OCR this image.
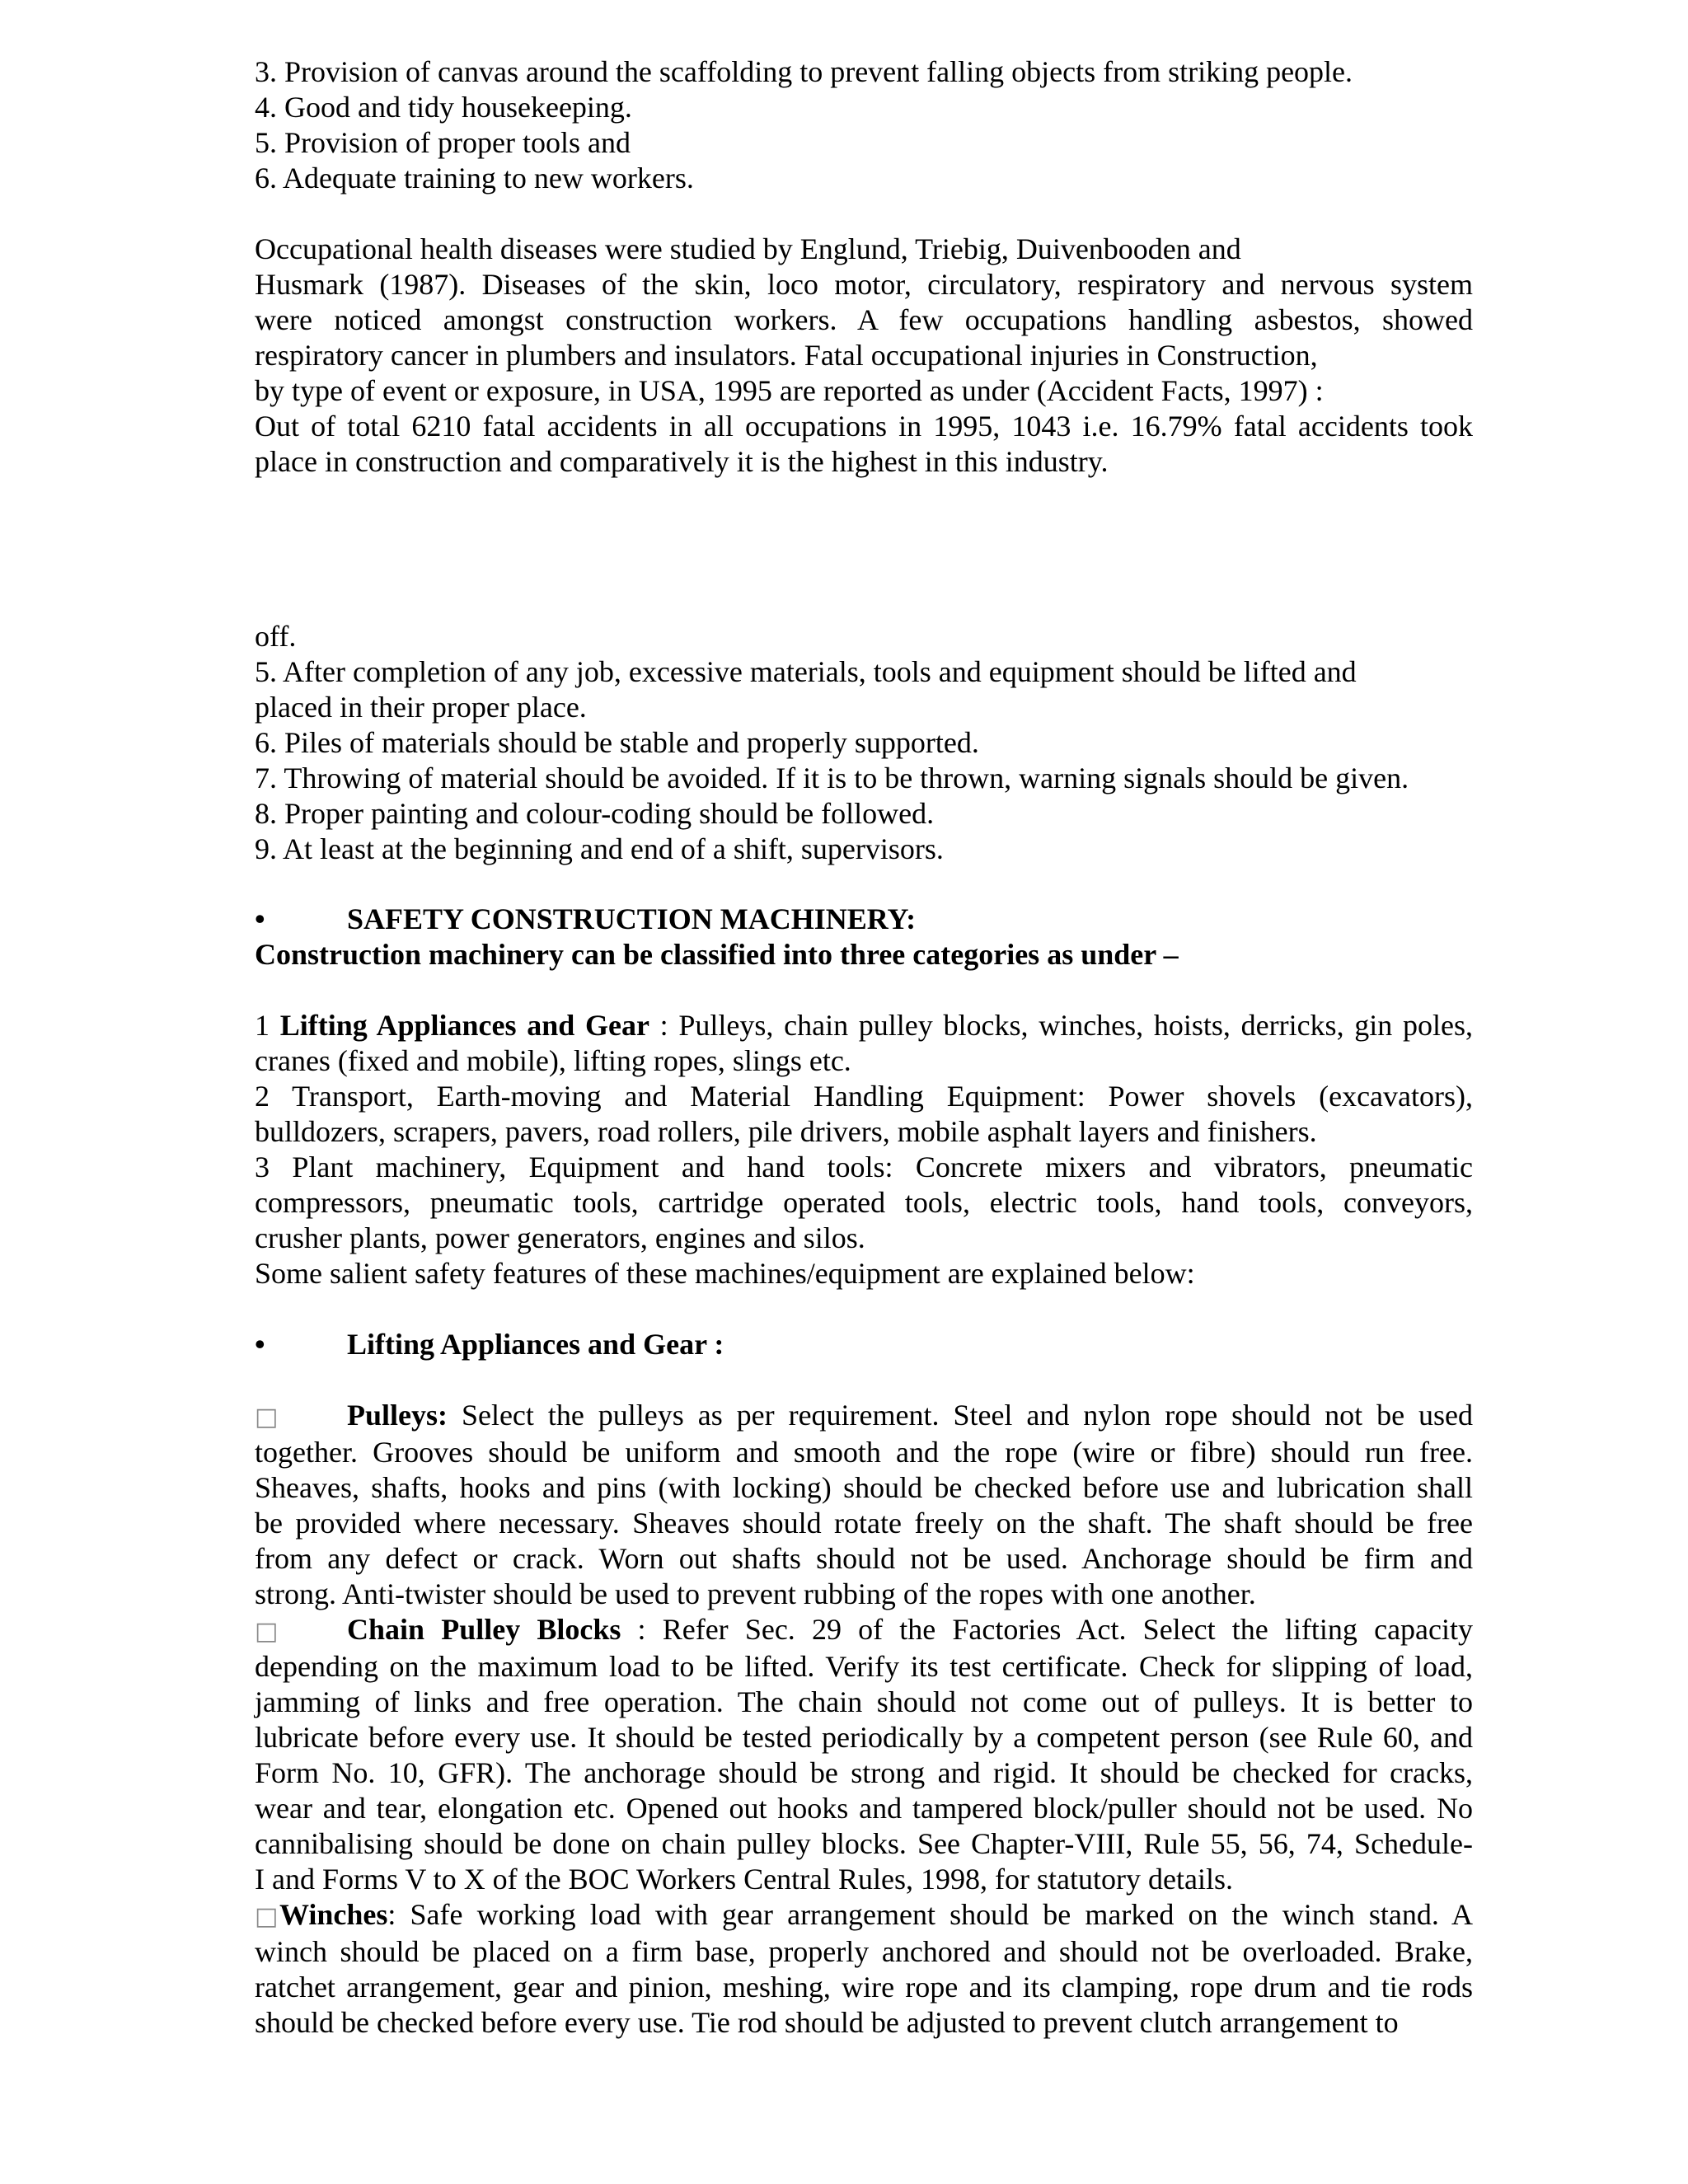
3. Provision of canvas around the scaffolding to prevent falling objects from striking people.
4. Good and tidy housekeeping.
5. Provision of proper tools and
6. Adequate training to new workers.
Occupational health diseases were studied by Englund, Triebig, Duivenbooden and
Husmark (1987). Diseases of the skin, loco motor, circulatory, respiratory and nervous system
were noticed amongst construction workers. A few occupations handling asbestos, showed
respiratory cancer in plumbers and insulators. Fatal occupational injuries in Construction,
by type of event or exposure, in USA, 1995 are reported as under (Accident Facts, 1997) :
Out of total 6210 fatal accidents in all occupations in 1995, 1043 i.e. 16.79% fatal accidents took
place in construction and comparatively it is the highest in this industry.
off.
5. After completion of any job, excessive materials, tools and equipment should be lifted and
placed in their proper place.
6. Piles of materials should be stable and properly supported.
7. Throwing of material should be avoided. If it is to be thrown, warning signals should be given.
8. Proper painting and colour-coding should be followed.
9. At least at the beginning and end of a shift, supervisors.
•	SAFETY CONSTRUCTION MACHINERY:
Construction machinery can be classified into three categories as under –
1 Lifting Appliances and Gear : Pulleys, chain pulley blocks, winches, hoists, derricks, gin poles,
cranes (fixed and mobile), lifting ropes, slings etc.
2 Transport, Earth-moving and Material Handling Equipment: Power shovels (excavators),
bulldozers, scrapers, pavers, road rollers, pile drivers, mobile asphalt layers and finishers.
3 Plant machinery, Equipment and hand tools: Concrete mixers and vibrators, pneumatic
compressors, pneumatic tools, cartridge operated tools, electric tools, hand tools, conveyors,
crusher plants, power generators, engines and silos.
Some salient safety features of these machines/equipment are explained below:
•	Lifting Appliances and Gear :
□ Pulleys: Select the pulleys as per requirement. Steel and nylon rope should not be used
together. Grooves should be uniform and smooth and the rope (wire or fibre) should run free.
Sheaves, shafts, hooks and pins (with locking) should be checked before use and lubrication shall
be provided where necessary. Sheaves should rotate freely on the shaft. The shaft should be free
from any defect or crack. Worn out shafts should not be used. Anchorage should be firm and
strong. Anti-twister should be used to prevent rubbing of the ropes with one another.
□ Chain Pulley Blocks : Refer Sec. 29 of the Factories Act. Select the lifting capacity
depending on the maximum load to be lifted. Verify its test certificate. Check for slipping of load,
jamming of links and free operation. The chain should not come out of pulleys. It is better to
lubricate before every use. It should be tested periodically by a competent person (see Rule 60, and
Form No. 10, GFR). The anchorage should be strong and rigid. It should be checked for cracks,
wear and tear, elongation etc. Opened out hooks and tampered block/puller should not be used. No
cannibalising should be done on chain pulley blocks. See Chapter-VIII, Rule 55, 56, 74, Schedule-
I and Forms V to X of the BOC Workers Central Rules, 1998, for statutory details.
□Winches: Safe working load with gear arrangement should be marked on the winch stand. A
winch should be placed on a firm base, properly anchored and should not be overloaded. Brake,
ratchet arrangement, gear and pinion, meshing, wire rope and its clamping, rope drum and tie rods
should be checked before every use. Tie rod should be adjusted to prevent clutch arrangement to
